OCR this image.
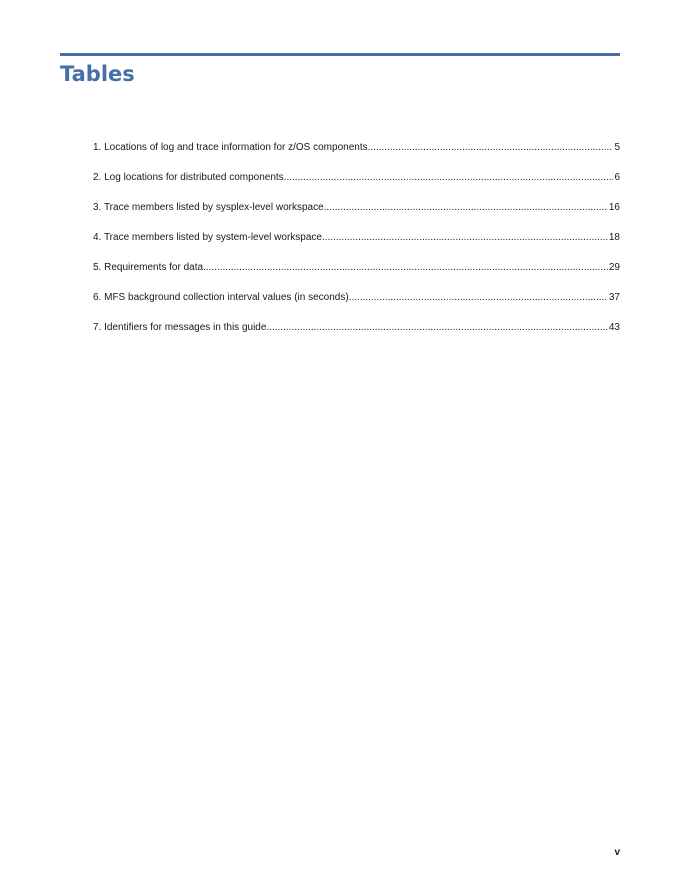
Tables
1. Locations of log and trace information for z/OS components .....	5
2. Log locations for distributed components .....	6
3. Trace members listed by sysplex-level workspace .....	16
4. Trace members listed by system-level workspace .....	18
5. Requirements for data .....	29
6. MFS background collection interval values (in seconds) .....	37
7. Identifiers for messages in this guide .....	43
v
